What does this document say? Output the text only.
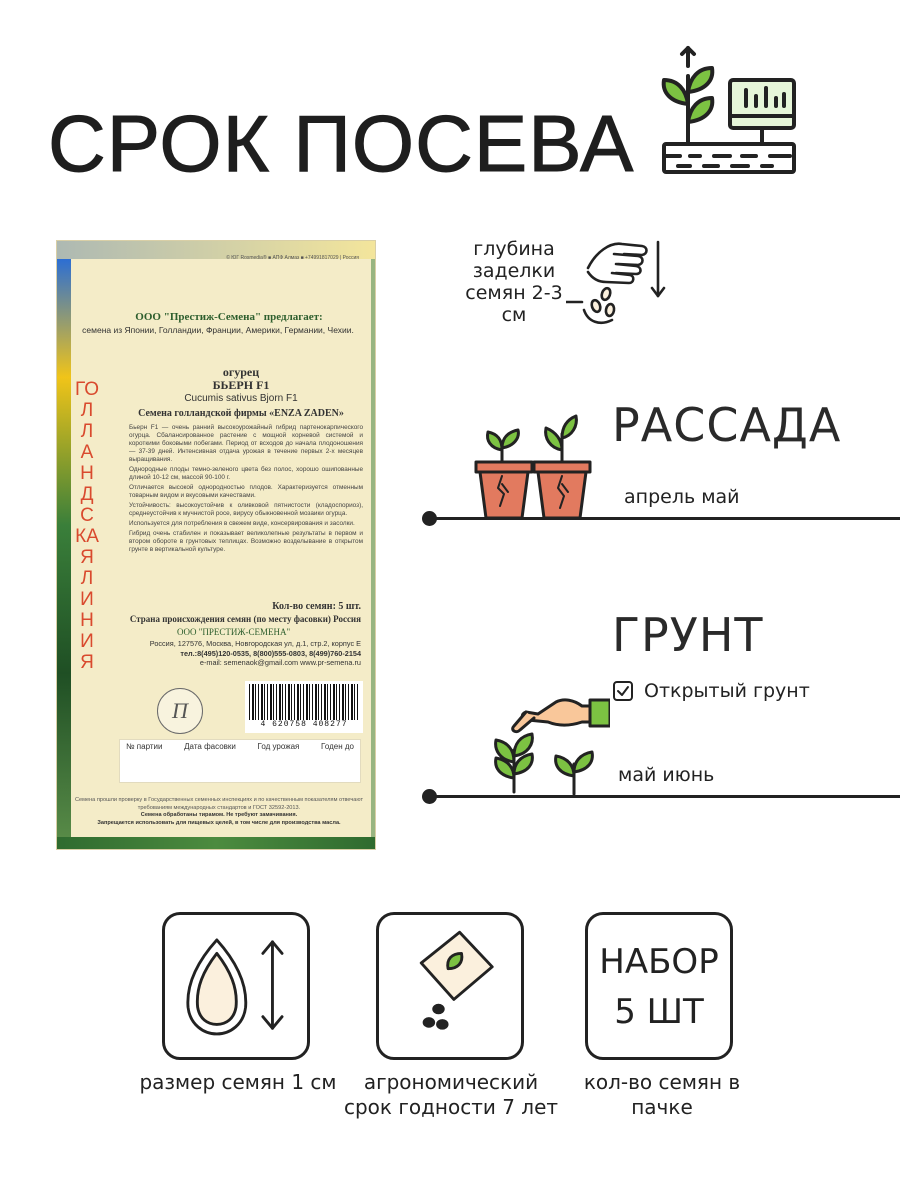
СРОК ПОСЕВА
© ЮГ Rosmedia® ■ АПФ Алмаз ■ +74991817029 | Россия
ООО "Престиж-Семена" предлагает:
семена из Японии, Голландии, Франции, Америки, Германии, Чехии.
ГОЛЛАНДСКАЯ ЛИНИЯ
огурец
БЬЕРН F1
Cucumis sativus Bjorn F1
Семена голландской фирмы «ENZA ZADEN»

Бьерн F1 — очень ранний высокоурожайный гибрид партенокарпического огурца. Сбалансированное растение с мощной корневой системой и короткими боковыми побегами. Период от всходов до начала плодоношения — 37-39 дней. Интенсивная отдача урожая в течение первых 2-х месяцев выращивания.

Однородные плоды темно-зеленого цвета без полос, хорошо ошипованные длиной 10-12 см, массой 90-100 г.

Отличается высокой однородностью плодов. Характеризуется отменным товарным видом и вкусовыми качествами.

Устойчивость: высокоустойчив к оливковой пятнистости (кладоспориоз), среднеустойчив к мучнистой росе, вирусу обыкновенной мозаики огурца.

Используется для потребления в свежем виде, консервирования и засолки.

Гибрид очень стабилен и показывает великолепные результаты в первом и втором обороте в грунтовых теплицах. Возможно возделывание в открытом грунте в вертикальной культуре.

Кол-во семян: 5 шт.
Страна происхождения семян (по месту фасовки) Россия
ООО "ПРЕСТИЖ-СЕМЕНА"
Россия, 127576, Москва, Новгородская ул, д.1, стр.2, корпус Е
тел.:8(495)120-0535, 8(800)555-0803, 8(499)760-2154
e-mail: semenaok@gmail.com www.pr-semena.ru
П
4 620758 408277
№ партии	Дата фасовки	Год урожая	Годен до
Семена прошли проверку в Государственных семенных инспекциях и по качественным показателям отвечают требованиям международных стандартов и ГОСТ 32592-2013.
Семена обработаны тирамом. Не требуют замачивания.
Запрещается использовать для пищевых целей, в том числе для производства масла.
глубина заделки семян 2-3 см
РАССАДА
апрель май
ГРУНТ
Открытый грунт
май июнь
НАБОР
5 ШТ
размер семян 1 см	агрономический срок годности 7 лет
кол-во семян в пачке
